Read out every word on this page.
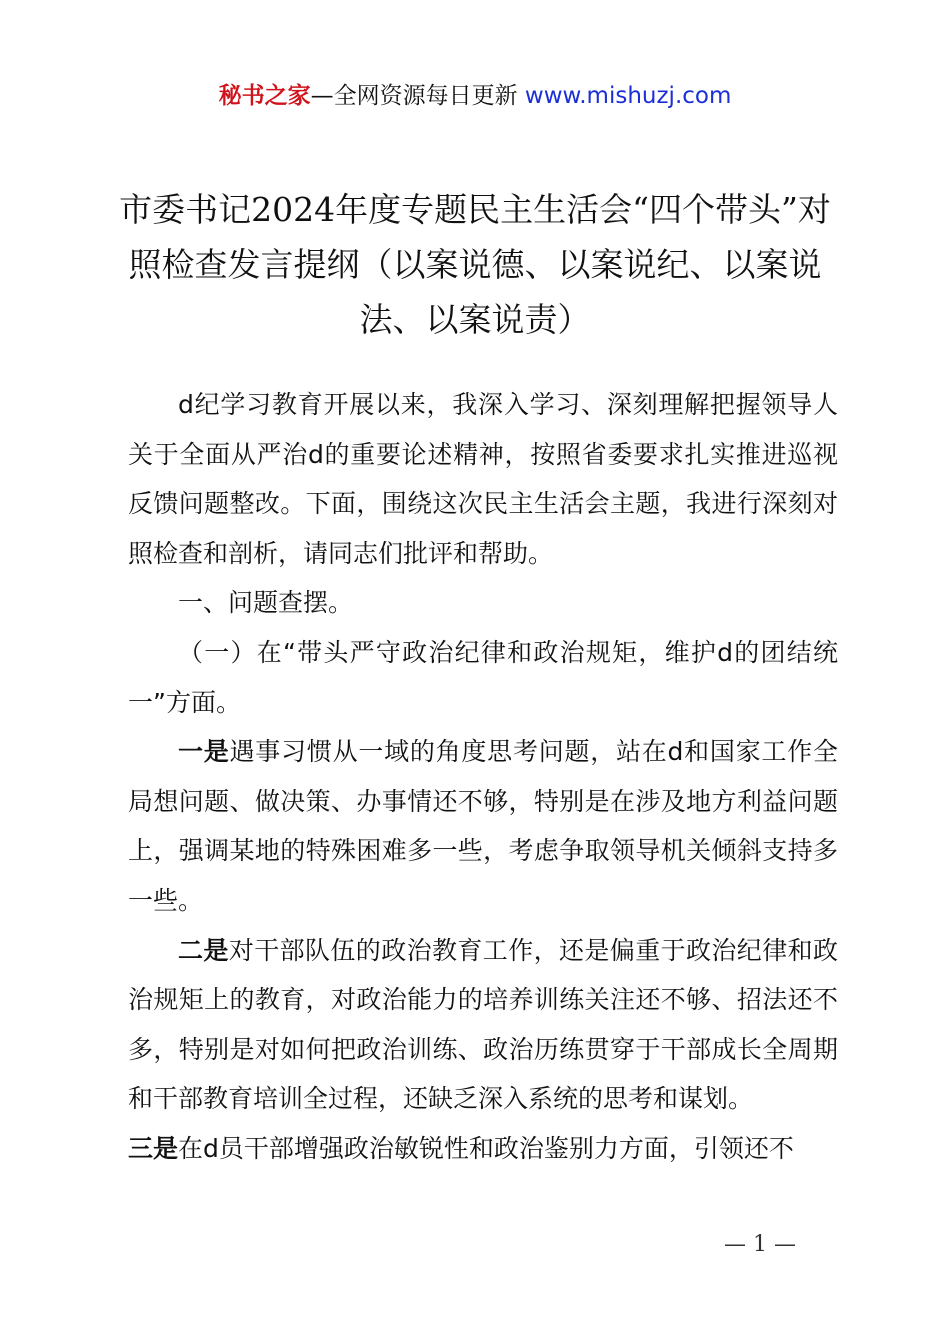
秘书之家—全网资源每日更新 www.mishuzj.com
市委书记2024年度专题民主生活会“四个带头”对照检查发言提纲（以案说德、以案说纪、以案说法、以案说责）

d纪学习教育开展以来，我深入学习、深刻理解把握领导人关于全面从严治d的重要论述精神，按照省委要求扎实推进巡视反馈问题整改。下面，围绕这次民主生活会主题，我进行深刻对照检查和剖析，请同志们批评和帮助。

一、问题查摆。

（一）在“带头严守政治纪律和政治规矩，维护d的团结统一”方面。

一是遇事习惯从一域的角度思考问题，站在d和国家工作全局想问题、做决策、办事情还不够，特别是在涉及地方利益问题上，强调某地的特殊困难多一些，考虑争取领导机关倾斜支持多一些。

二是对干部队伍的政治教育工作，还是偏重于政治纪律和政治规矩上的教育，对政治能力的培养训练关注还不够、招法还不多，特别是对如何把政治训练、政治历练贯穿于干部成长全周期和干部教育培训全过程，还缺乏深入系统的思考和谋划。

三是在d员干部增强政治敏锐性和政治鉴别力方面，引领还不

— 1 —
